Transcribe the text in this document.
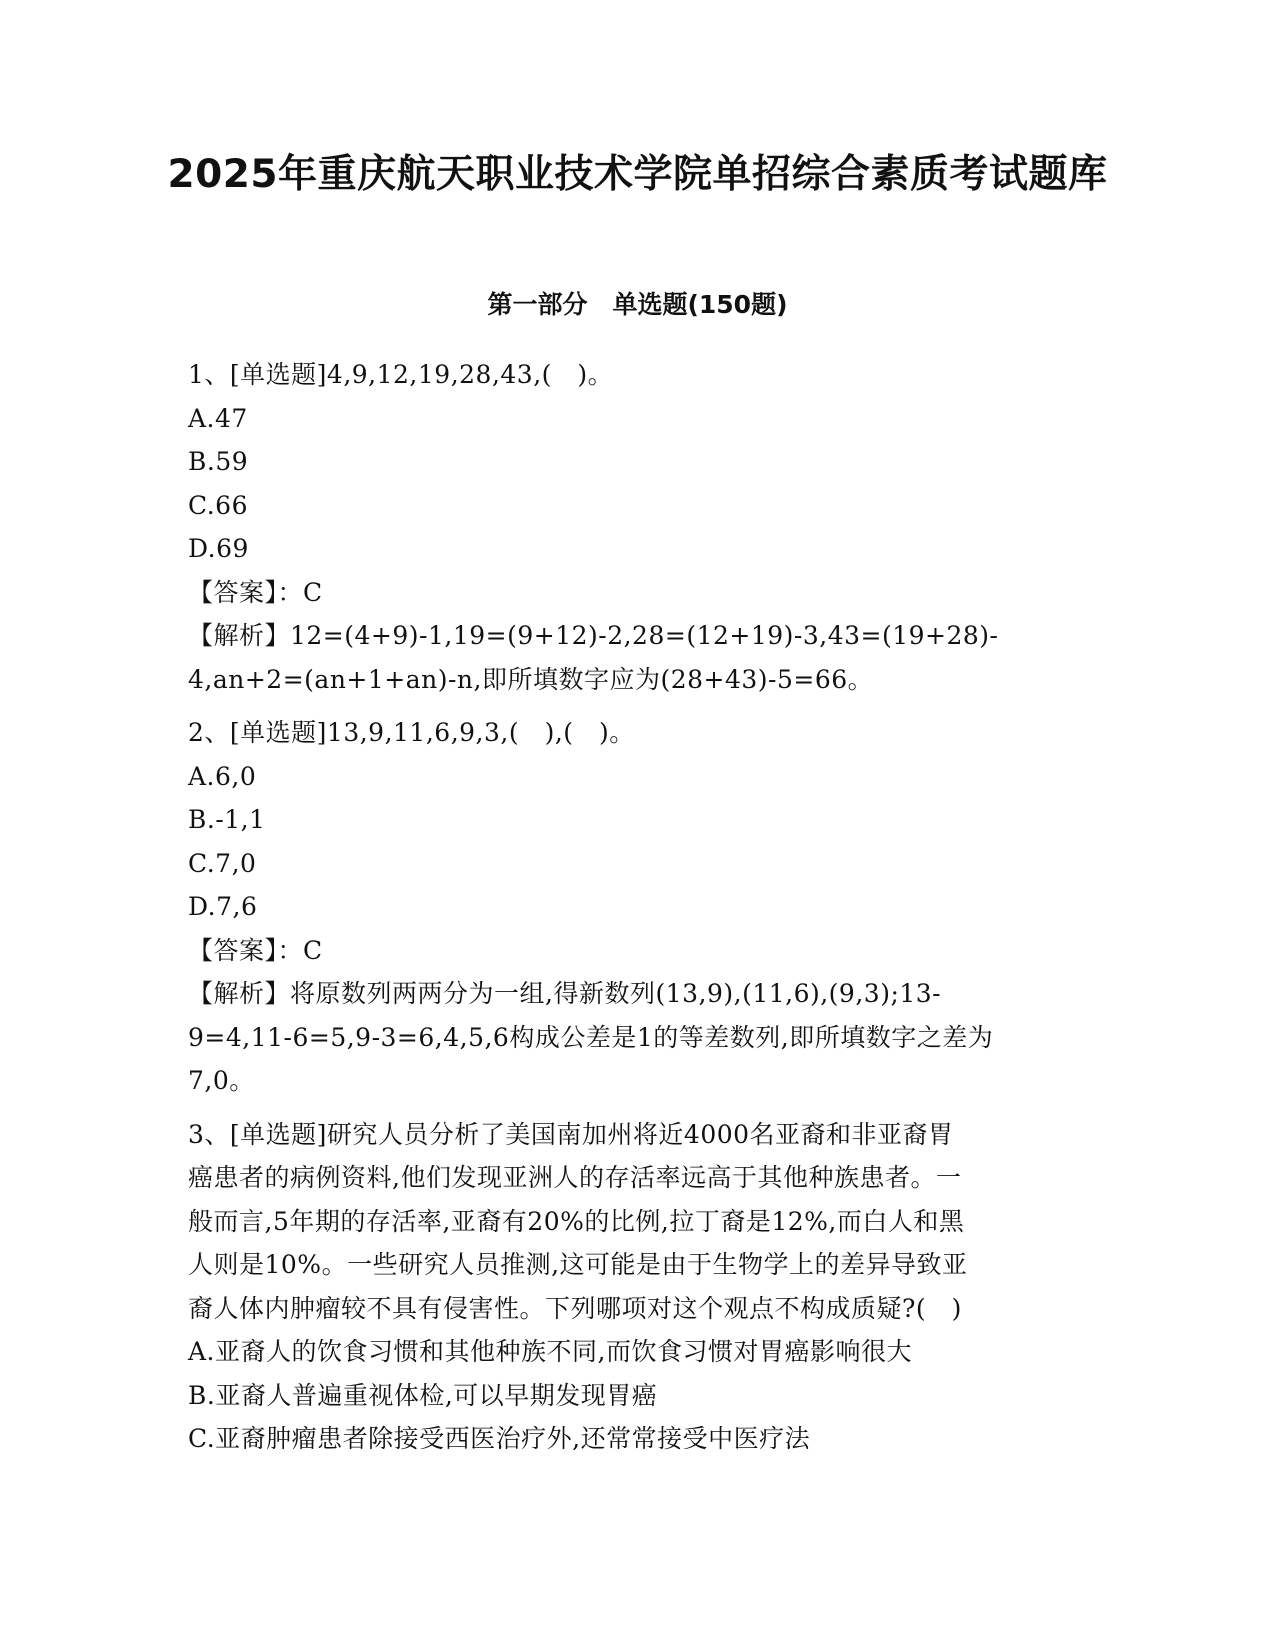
2025年重庆航天职业技术学院单招综合素质考试题库
第一部分　单选题(150题)
1、[单选题]4,9,12,19,28,43,(　)。
A.47
B.59
C.66
D.69
【答案】：C
【解析】12=(4+9)-1,19=(9+12)-2,28=(12+19)-3,43=(19+28)-
4,an+2=(an+1+an)-n,即所填数字应为(28+43)-5=66。
2、[单选题]13,9,11,6,9,3,(　),(　)。
A.6,0
B.-1,1
C.7,0
D.7,6
【答案】：C
【解析】将原数列两两分为一组,得新数列(13,9),(11,6),(9,3);13-
9=4,11-6=5,9-3=6,4,5,6构成公差是1的等差数列,即所填数字之差为
7,0。
3、[单选题]研究人员分析了美国南加州将近4000名亚裔和非亚裔胃
癌患者的病例资料,他们发现亚洲人的存活率远高于其他种族患者。一
般而言,5年期的存活率,亚裔有20%的比例,拉丁裔是12%,而白人和黑
人则是10%。一些研究人员推测,这可能是由于生物学上的差异导致亚
裔人体内肿瘤较不具有侵害性。下列哪项对这个观点不构成质疑?(　)
A.亚裔人的饮食习惯和其他种族不同,而饮食习惯对胃癌影响很大
B.亚裔人普遍重视体检,可以早期发现胃癌
C.亚裔肿瘤患者除接受西医治疗外,还常常接受中医疗法
